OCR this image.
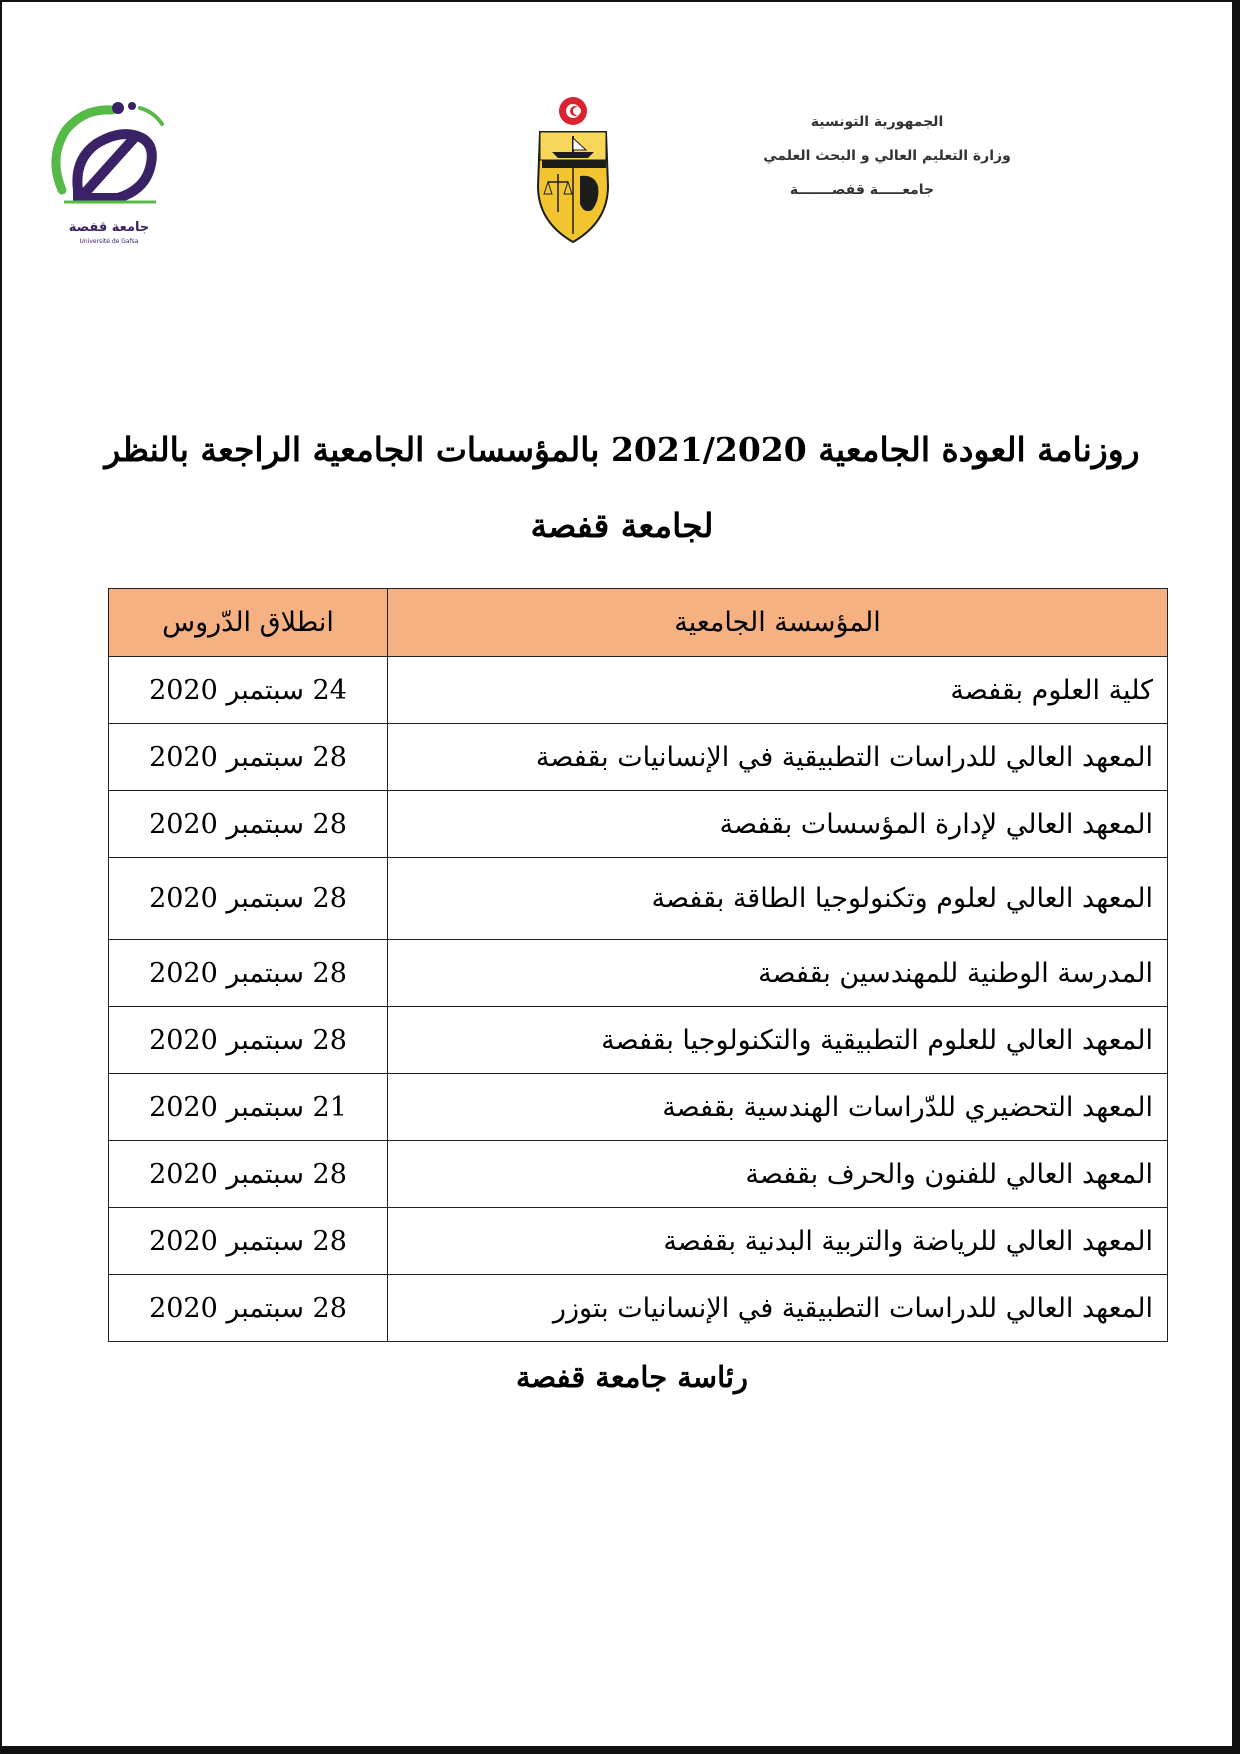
الجمهورية التونسية
وزارة التعليم العالي و البحث العلمي
جامعـــــة قفصـــــــة
جامعة قفصة
Université de Gafsa
روزنامة العودة الجامعية 2021/2020 بالمؤسسات الجامعية الراجعة بالنظر
لجامعة قفصة
المؤسسة الجامعية	انطلاق الدّروس
كلية العلوم بقفصة	24 سبتمبر 2020
المعهد العالي للدراسات التطبيقية في الإنسانيات بقفصة	28 سبتمبر 2020
المعهد العالي لإدارة المؤسسات بقفصة	28 سبتمبر 2020
المعهد العالي لعلوم وتكنولوجيا الطاقة بقفصة	28 سبتمبر 2020
المدرسة الوطنية للمهندسين بقفصة	28 سبتمبر 2020
المعهد العالي للعلوم التطبيقية والتكنولوجيا بقفصة	28 سبتمبر 2020
المعهد التحضيري للدّراسات الهندسية بقفصة	21 سبتمبر 2020
المعهد العالي للفنون والحرف بقفصة	28 سبتمبر 2020
المعهد العالي للرياضة والتربية البدنية بقفصة	28 سبتمبر 2020
المعهد العالي للدراسات التطبيقية في الإنسانيات بتوزر	28 سبتمبر 2020
رئاسة جامعة قفصة
